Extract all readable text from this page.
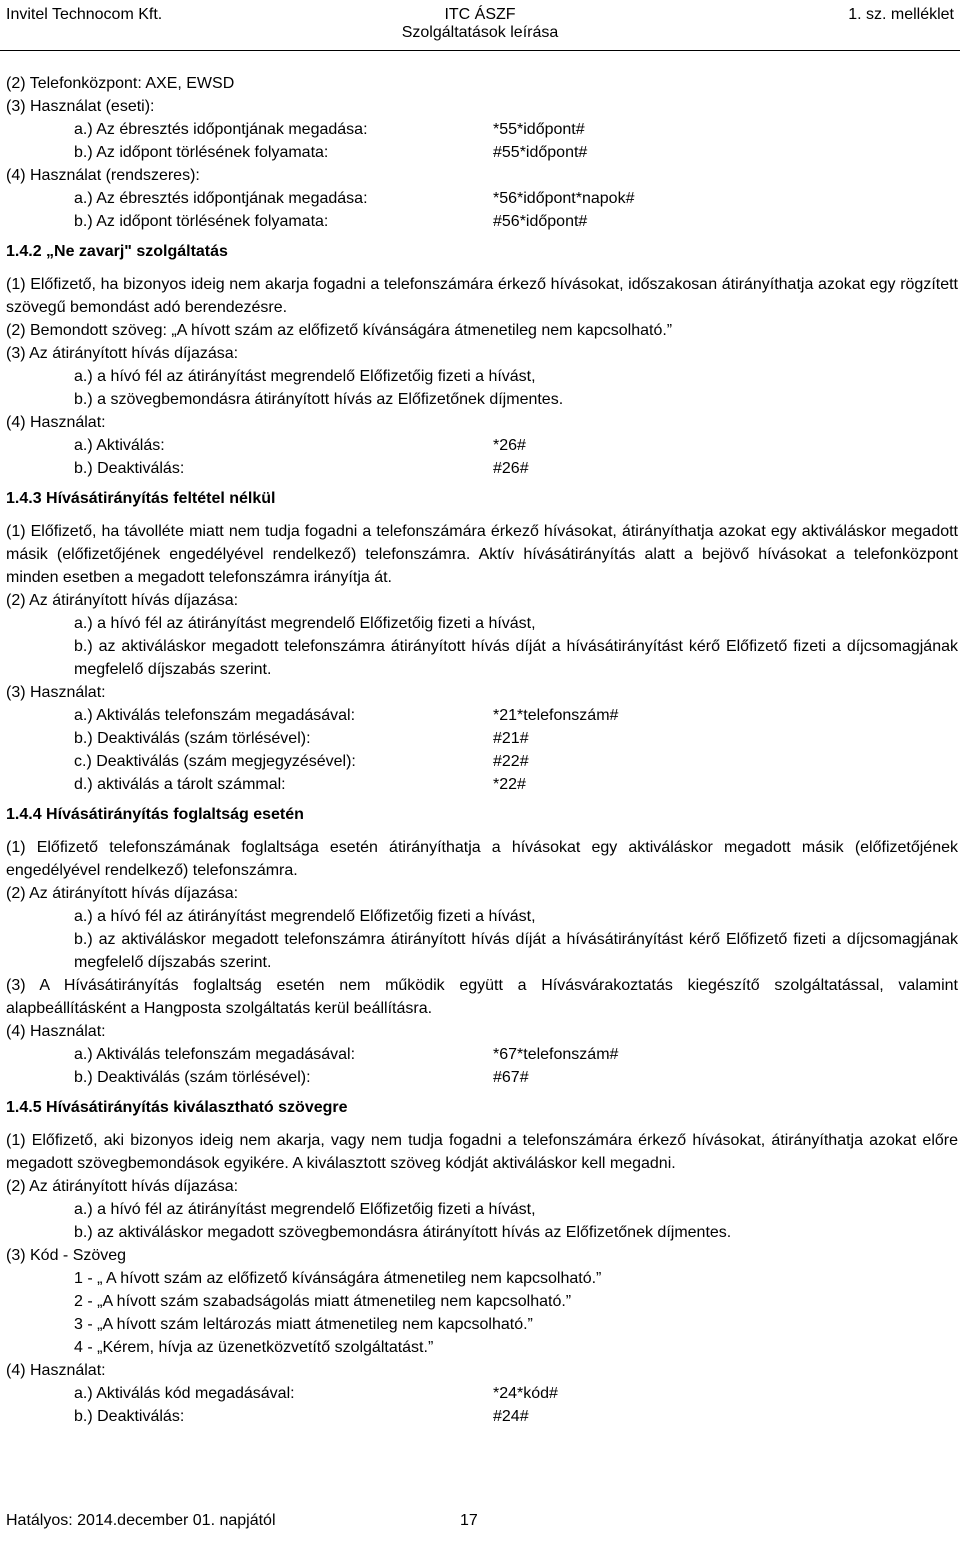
Invitel Technocom Kft.	ITC ÁSZF
Szolgáltatások leírása
1. sz. melléklet
(2) Telefonközpont: AXE, EWSD
(3) Használat (eseti):
a.) Az ébresztés időpontjának megadása:	*55*időpont#
b.) Az időpont törlésének folyamata:	#55*időpont#
(4) Használat (rendszeres):
a.) Az ébresztés időpontjának megadása:	*56*időpont*napok#
b.) Az időpont törlésének folyamata:	#56*időpont#
1.4.2 „Ne zavarj" szolgáltatás
(1) Előfizető, ha bizonyos ideig nem akarja fogadni a telefonszámára érkező hívásokat, időszakosan átirányíthatja azokat egy rögzített szövegű bemondást adó berendezésre.
(2) Bemondott szöveg: „A hívott szám az előfizető kívánságára átmenetileg nem kapcsolható.”
(3) Az átirányított hívás díjazása:
a.) a hívó fél az átirányítást megrendelő Előfizetőig fizeti a hívást,
b.) a szövegbemondásra átirányított hívás az Előfizetőnek díjmentes.
(4) Használat:
a.) Aktiválás:	*26#
b.) Deaktiválás:	#26#
1.4.3 Hívásátirányítás feltétel nélkül
(1) Előfizető, ha távolléte miatt nem tudja fogadni a telefonszámára érkező hívásokat, átirányíthatja azokat egy aktiváláskor megadott másik (előfizetőjének engedélyével rendelkező) telefonszámra. Aktív hívásátirányítás alatt a bejövő hívásokat a telefonközpont minden esetben a megadott telefonszámra irányítja át.
(2) Az átirányított hívás díjazása:
a.) a hívó fél az átirányítást megrendelő Előfizetőig fizeti a hívást,
b.) az aktiváláskor megadott telefonszámra átirányított hívás díját a hívásátirányítást kérő Előfizető fizeti a díjcsomagjának megfelelő díjszabás szerint.
(3) Használat:
a.) Aktiválás telefonszám megadásával:	*21*telefonszám#
b.) Deaktiválás (szám törlésével):	#21#
c.) Deaktiválás (szám megjegyzésével):	#22#
d.) aktiválás a tárolt számmal:	*22#
1.4.4 Hívásátirányítás foglaltság esetén
(1) Előfizető telefonszámának foglaltsága esetén átirányíthatja a hívásokat egy aktiváláskor megadott másik (előfizetőjének engedélyével rendelkező) telefonszámra.
(2) Az átirányított hívás díjazása:
a.) a hívó fél az átirányítást megrendelő Előfizetőig fizeti a hívást,
b.) az aktiváláskor megadott telefonszámra átirányított hívás díját a hívásátirányítást kérő Előfizető fizeti a díjcsomagjának megfelelő díjszabás szerint.
(3) A Hívásátirányítás foglaltság esetén nem működik együtt a Hívásvárakoztatás kiegészítő szolgáltatással, valamint alapbeállításként a Hangposta szolgáltatás kerül beállításra.
(4) Használat:
a.) Aktiválás telefonszám megadásával:	*67*telefonszám#
b.) Deaktiválás (szám törlésével):	#67#
1.4.5 Hívásátirányítás kiválasztható szövegre
(1) Előfizető, aki bizonyos ideig nem akarja, vagy nem tudja fogadni a telefonszámára érkező hívásokat, átirányíthatja azokat előre megadott szövegbemondások egyikére. A kiválasztott szöveg kódját aktiváláskor kell megadni.
(2) Az átirányított hívás díjazása:
a.) a hívó fél az átirányítást megrendelő Előfizetőig fizeti a hívást,
b.) az aktiváláskor megadott szövegbemondásra átirányított hívás az Előfizetőnek díjmentes.
(3) Kód - Szöveg
1 - „ A hívott szám az előfizető kívánságára átmenetileg nem kapcsolható.”
2 - „A hívott szám szabadságolás miatt átmenetileg nem kapcsolható.”
3 - „A hívott szám leltározás miatt átmenetileg nem kapcsolható.”
4 - „Kérem, hívja az üzenetközvetítő szolgáltatást.”
(4) Használat:
a.) Aktiválás kód megadásával:	*24*kód#
b.) Deaktiválás:	#24#
Hatályos: 2014.december 01. napjától	17
